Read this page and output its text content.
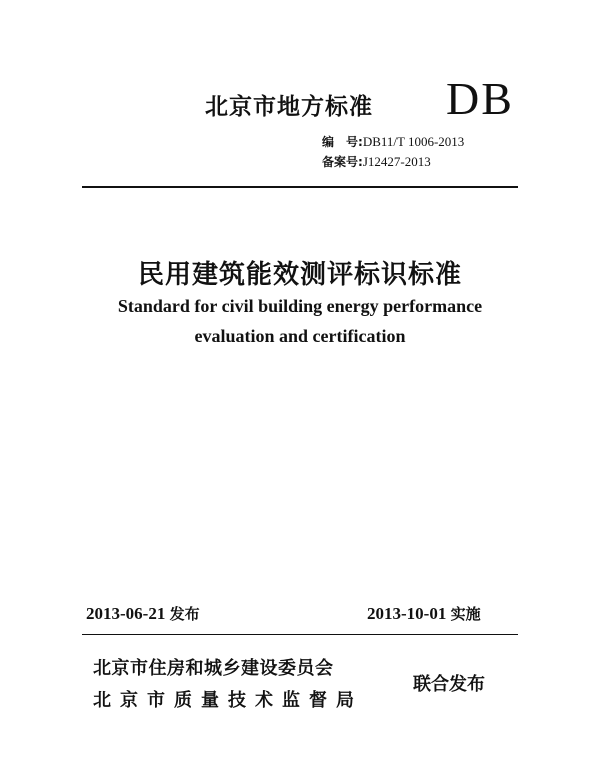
北京市地方标准 DB
编　号:DB11/T 1006-2013
备案号:J12427-2013
民用建筑能效测评标识标准
Standard for civil building energy performance
evaluation and certification
2013-06-21 发布	2013-10-01 实施
北京市住房和城乡建设委员会
北京市质量技术监督局
联合发布
